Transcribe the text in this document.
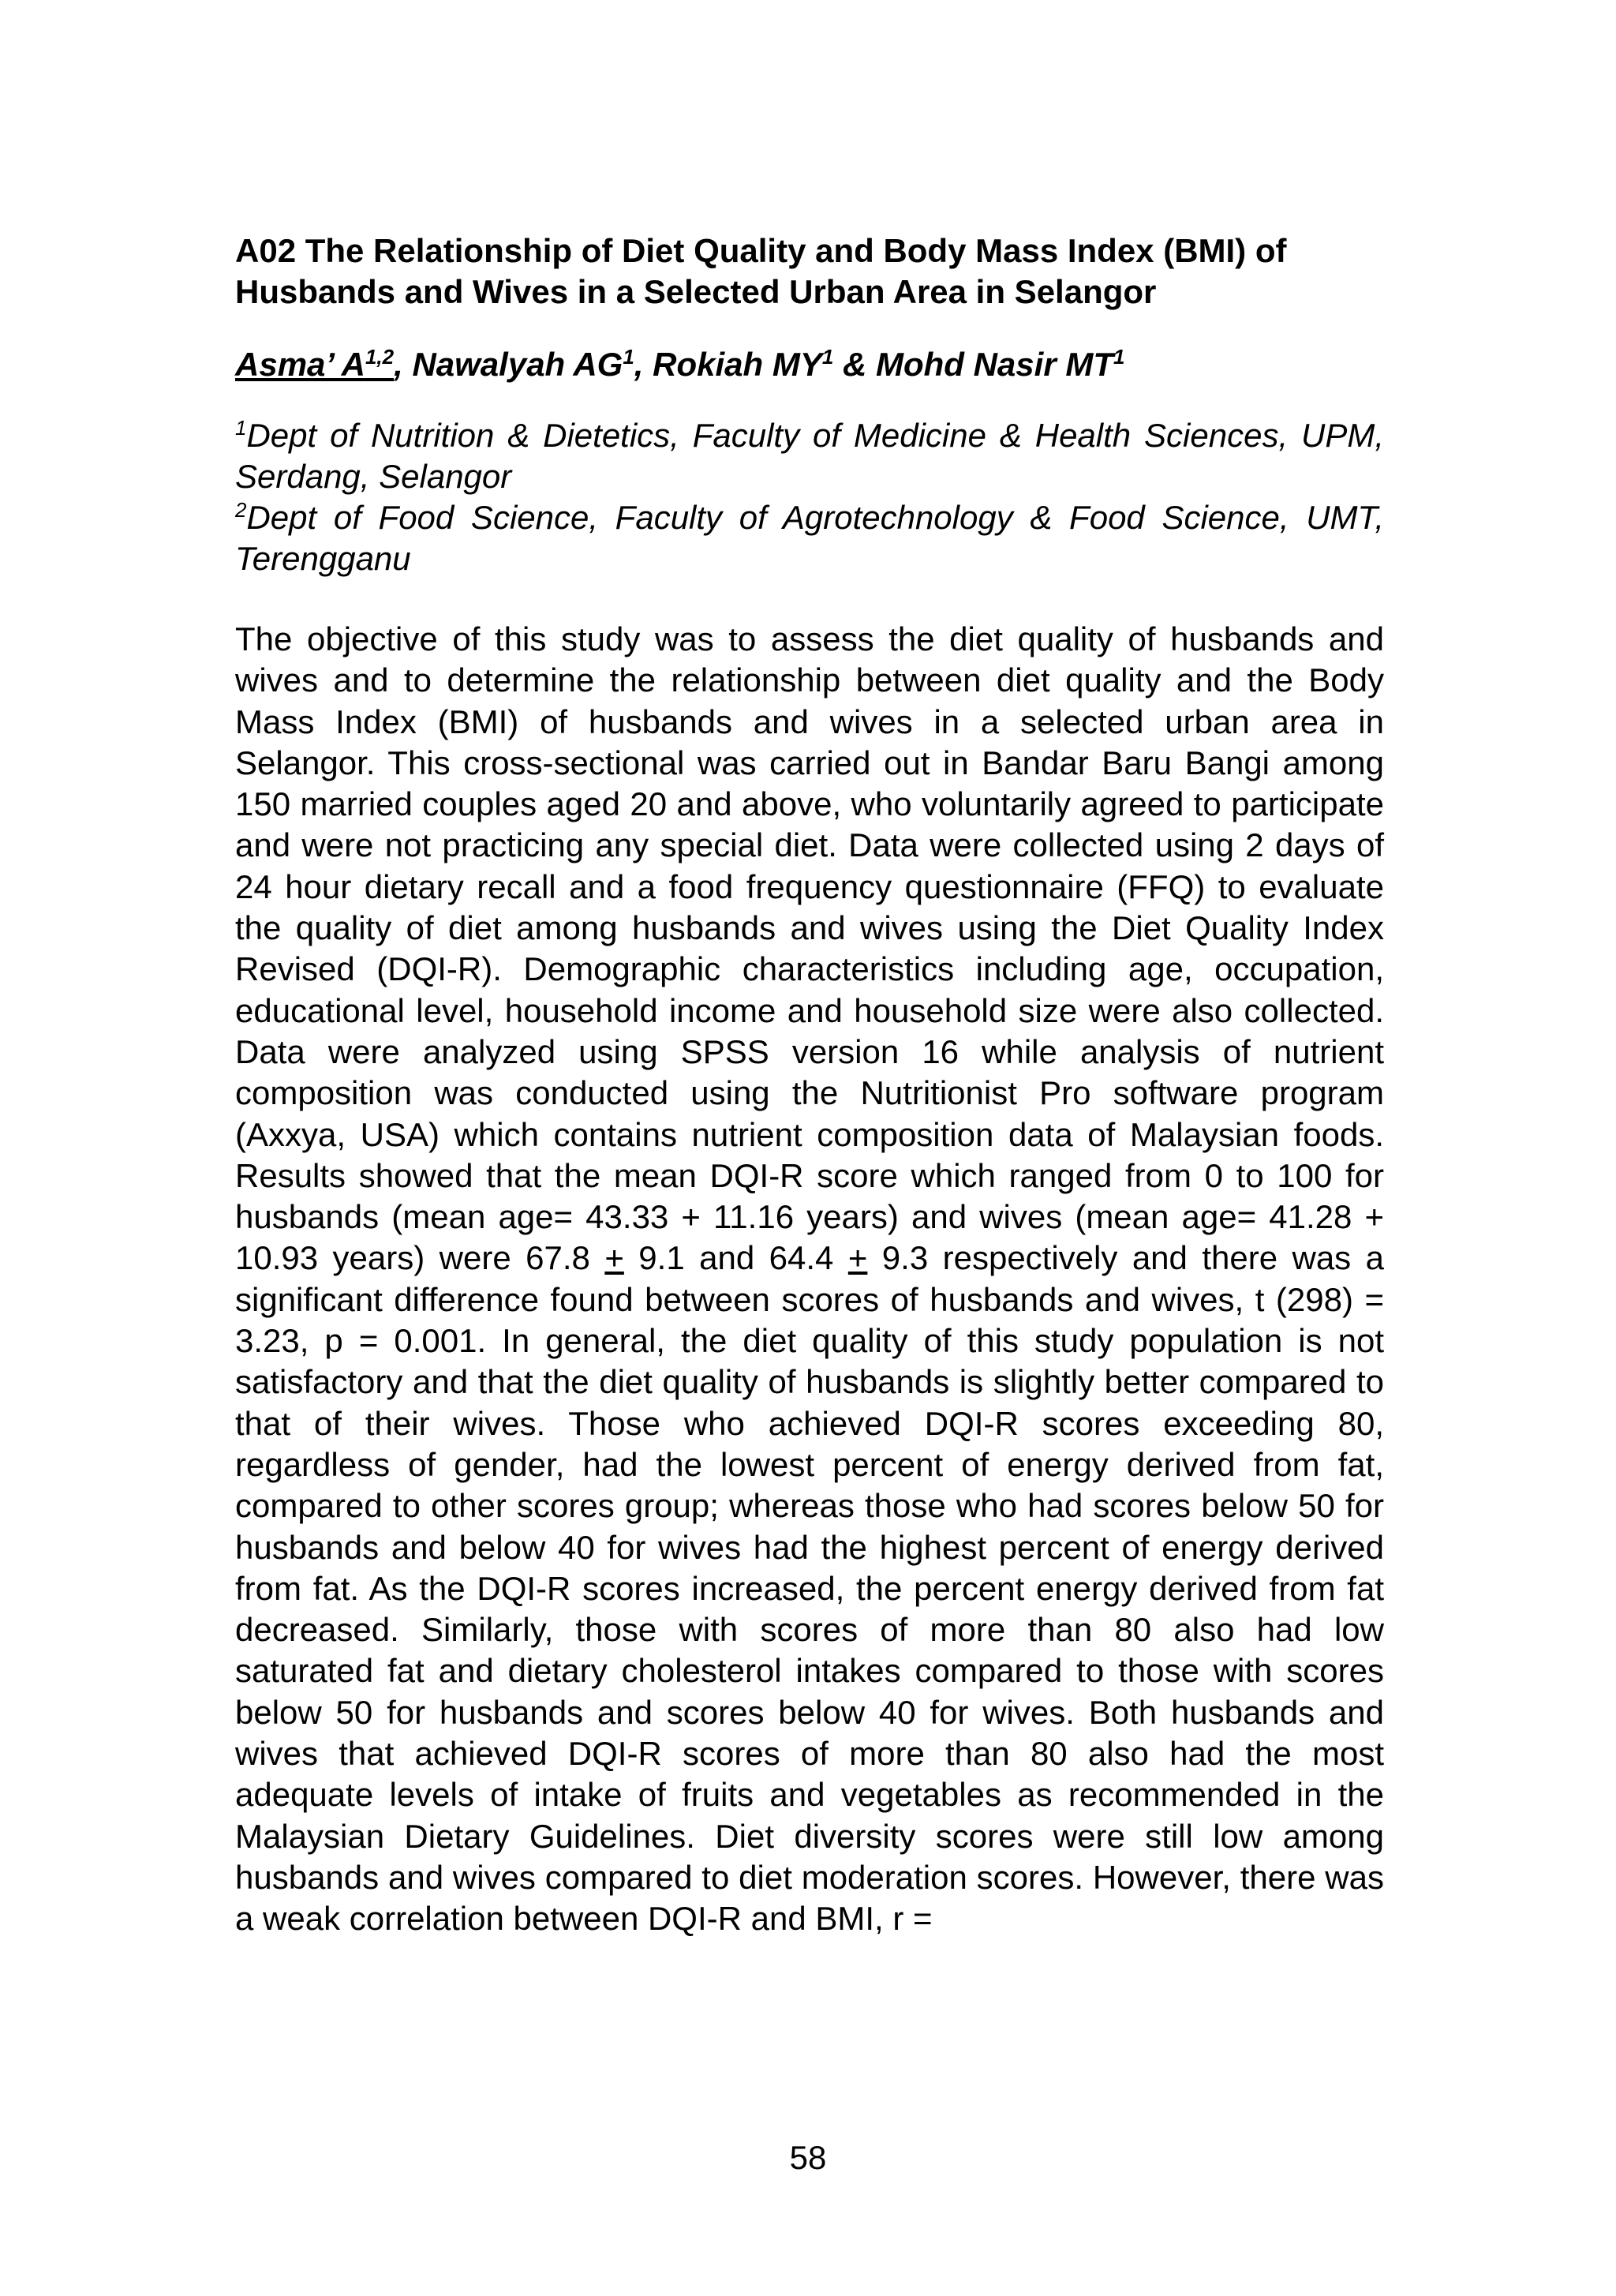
A02 The Relationship of Diet Quality and Body Mass Index (BMI) of Husbands and Wives in a Selected Urban Area in Selangor

Asma’ A$^{1,2}$, Nawalyah $AG^1$, Rokiah $MY^1$ & Mohd Nasir $MT^1$

$^1$Dept of Nutrition & Dietetics, Faculty of Medicine & Health Sciences, UPM, Serdang, Selangor

$^2$Dept of Food Science, Faculty of Agrotechnology & Food Science, UMT, Terengganu

The objective of this study was to assess the diet quality of husbands and wives and to determine the relationship between diet quality and the Body Mass Index (BMI) of husbands and wives in a selected urban area in Selangor. This cross-sectional was carried out in Bandar Baru Bangi among 150 married couples aged 20 and above, who voluntarily agreed to participate and were not practicing any special diet. Data were collected using 2 days of 24 hour dietary recall and a food frequency questionnaire (FFQ) to evaluate the quality of diet among husbands and wives using the Diet Quality Index Revised (DQI-R). Demographic characteristics including age, occupation, educational level, household income and household size were also collected. Data were analyzed using SPSS version 16 while analysis of nutrient composition was conducted using the Nutritionist Pro software program (Axxya, USA) which contains nutrient composition data of Malaysian foods. Results showed that the mean DQI-R score which ranged from 0 to 100 for husbands (mean age= 43.33 + 11.16 years) and wives (mean age= 41.28 + 10.93 years) were 67.8 + 9.1 and 64.4 + 9.3 respectively and there was a significant difference found between scores of husbands and wives, t (298) = 3.23, p = 0.001. In general, the diet quality of this study population is not satisfactory and that the diet quality of husbands is slightly better compared to that of their wives. Those who achieved DQI-R scores exceeding 80, regardless of gender, had the lowest percent of energy derived from fat, compared to other scores group; whereas those who had scores below 50 for husbands and below 40 for wives had the highest percent of energy derived from fat. As the DQI-R scores increased, the percent energy derived from fat decreased. Similarly, those with scores of more than 80 also had low saturated fat and dietary cholesterol intakes compared to those with scores below 50 for husbands and scores below 40 for wives. Both husbands and wives that achieved DQI-R scores of more than 80 also had the most adequate levels of intake of fruits and vegetables as recommended in the Malaysian Dietary Guidelines. Diet diversity scores were still low among husbands and wives compared to diet moderation scores. However, there was a weak correlation between DQI-R and BMI, r =

58
